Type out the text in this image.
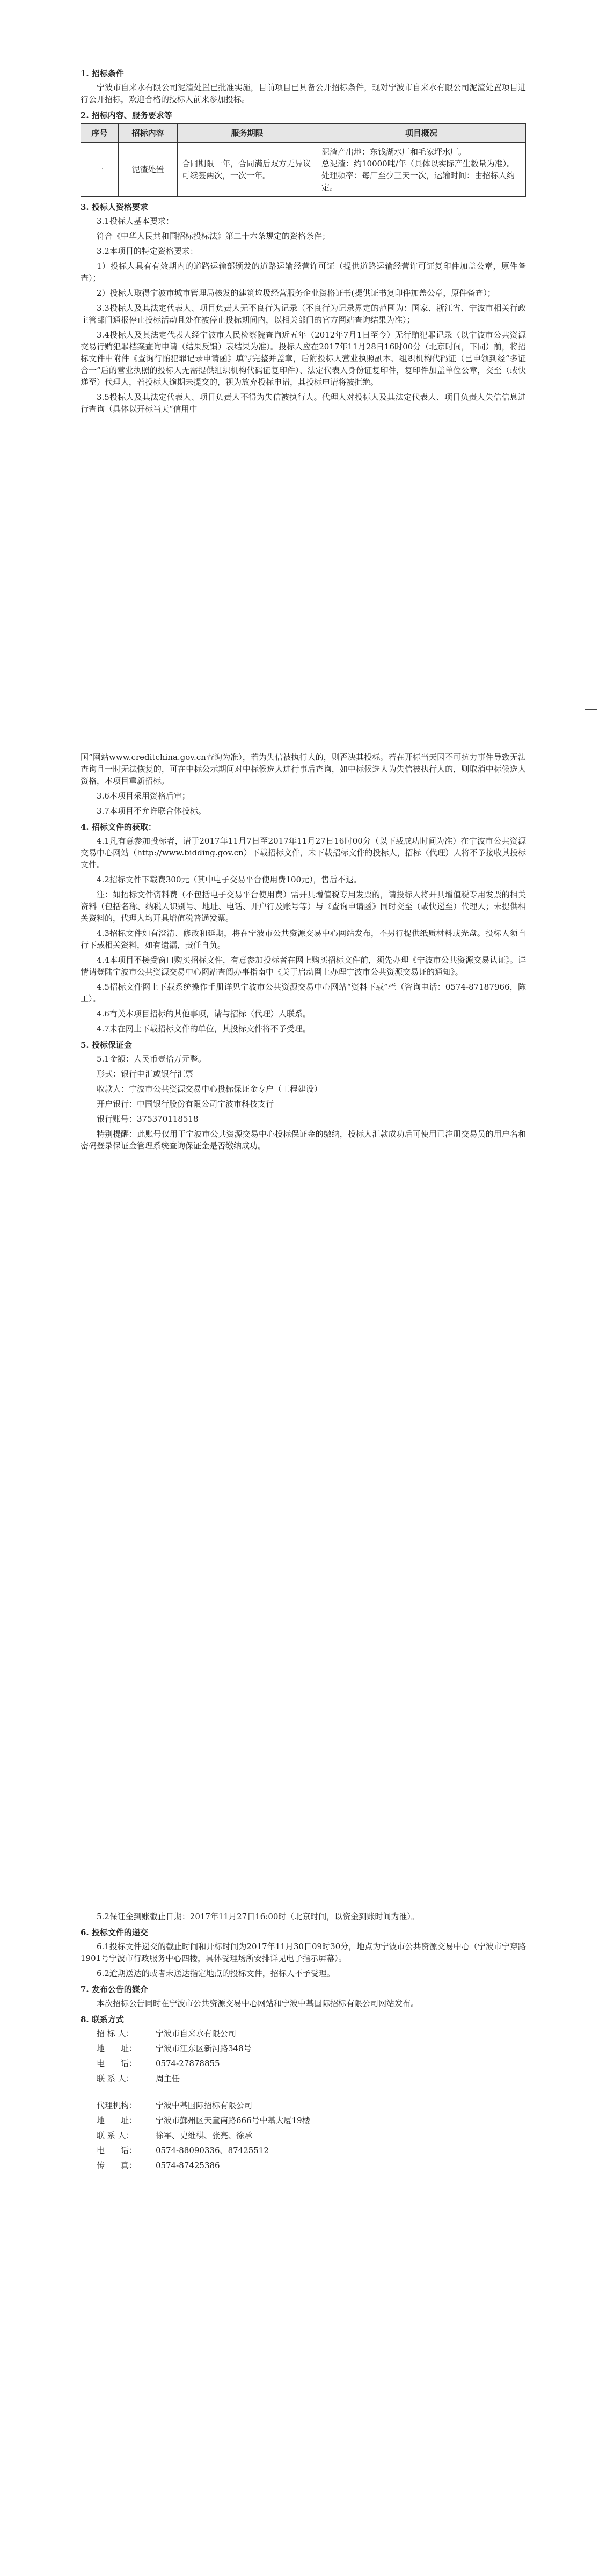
1. 招标条件

宁波市自来水有限公司泥渣处置已批准实施，目前项目已具备公开招标条件，现对宁波市自来水有限公司泥渣处置项目进行公开招标，欢迎合格的投标人前来参加投标。

2. 招标内容、服务要求等
序号	招标内容	服务期限	项目概况
一	泥渣处置	合同期限一年，合同满后双方无异议可续签两次，一次一年。	泥渣产出地：东钱湖水厂和毛家坪水厂。
总泥渣：约10000吨/年（具体以实际产生数量为准）。
处理频率：每厂至少三天一次，运输时间：由招标人约定。
3. 投标人资格要求

3.1投标人基本要求：

符合《中华人民共和国招标投标法》第二十六条规定的资格条件；

3.2本项目的特定资格要求：

1）投标人具有有效期内的道路运输部颁发的道路运输经营许可证（提供道路运输经营许可证复印件加盖公章，原件备查）；

2）投标人取得宁波市城市管理局核发的建筑垃圾经营服务企业资格证书(提供证书复印件加盖公章，原件备查）；

3.3投标人及其法定代表人、项目负责人无不良行为记录（不良行为记录界定的范围为：国家、浙江省、宁波市相关行政主管部门通报停止投标活动且处在被停止投标期间内，以相关部门的官方网站查询结果为准）；

3.4投标人及其法定代表人经宁波市人民检察院查询近五年（2012年7月1日至今）无行贿犯罪记录（以宁波市公共资源交易行贿犯罪档案查询申请（结果反馈）表结果为准）。投标人应在2017年11月28日16时00分（北京时间，下同）前，将招标文件中附件《查询行贿犯罪记录申请函》填写完整并盖章，后附投标人营业执照副本、组织机构代码证（已申领到经“多证合一”后的营业执照的投标人无需提供组织机构代码证复印件）、法定代表人身份证复印件，复印件加盖单位公章，交至（或快递至）代理人，若投标人逾期未提交的，视为放弃投标申请，其投标申请将被拒绝。

3.5投标人及其法定代表人、项目负责人不得为失信被执行人。代理人对投标人及其法定代表人、项目负责人失信信息进行查询（具体以开标当天“信用中

国”网站www.creditchina.gov.cn查询为准），若为失信被执行人的，则否决其投标。若在开标当天因不可抗力事件导致无法查询且一时无法恢复的，可在中标公示期间对中标候选人进行事后查询，如中标候选人为失信被执行人的，则取消中标候选人资格，本项目重新招标。

3.6本项目采用资格后审；

3.7本项目不允许联合体投标。

4. 招标文件的获取：

4.1凡有意参加投标者，请于2017年11月7日至2017年11月27日16时00分（以下载成功时间为准）在宁波市公共资源交易中心网站（http://www.bidding.gov.cn）下载招标文件，未下载招标文件的投标人，招标（代理）人将不予接收其投标文件。

4.2招标文件下载费300元（其中电子交易平台使用费100元），售后不退。

注：如招标文件资料费（不包括电子交易平台使用费）需开具增值税专用发票的，请投标人将开具增值税专用发票的相关资料（包括名称、纳税人识别号、地址、电话、开户行及账号等）与《查询申请函》同时交至（或快递至）代理人；未提供相关资料的，代理人均开具增值税普通发票。

4.3招标文件如有澄清、修改和延期，将在宁波市公共资源交易中心网站发布，不另行提供纸质材料或光盘。投标人须自行下载相关资料，如有遗漏，责任自负。

4.4本项目不接受窗口购买招标文件，有意参加投标者在网上购买招标文件前，须先办理《宁波市公共资源交易认证》。详情请登陆宁波市公共资源交易中心网站查阅办事指南中《关于启动网上办理宁波市公共资源交易证的通知》。

4.5招标文件网上下载系统操作手册详见宁波市公共资源交易中心网站“资料下载”栏（咨询电话：0574-87187966，陈工）。

4.6有关本项目招标的其他事项，请与招标（代理）人联系。

4.7未在网上下载招标文件的单位，其投标文件将不予受理。

5. 投标保证金

5.1金额：人民币壹拾万元整。

形式：银行电汇或银行汇票

收款人：宁波市公共资源交易中心投标保证金专户（工程建设）

开户银行：中国银行股份有限公司宁波市科技支行

银行账号：375370118518

特别提醒：此账号仅用于宁波市公共资源交易中心投标保证金的缴纳，投标人汇款成功后可使用已注册交易员的用户名和密码登录保证金管理系统查询保证金是否缴纳成功。

5.2保证金到账截止日期：2017年11月27日16:00时（北京时间，以资金到账时间为准）。

6. 投标文件的递交

6.1投标文件递交的截止时间和开标时间为2017年11月30日09时30分，地点为宁波市公共资源交易中心（宁波市宁穿路1901号宁波市行政服务中心四楼，具体受理场所安排详见电子指示屏幕）。

6.2逾期送达的或者未送达指定地点的投标文件，招标人不予受理。

7. 发布公告的媒介

本次招标公告同时在宁波市公共资源交易中心网站和宁波中基国际招标有限公司网站发布。

8. 联系方式
招 标 人：	宁波市自来水有限公司
地　　址：	宁波市江东区新河路348号
电　　话：	0574-27878855
联 系 人：	周主任
代理机构：	宁波中基国际招标有限公司
地　　址：	宁波市鄞州区天童南路666号中基大厦19楼
联 系 人：	徐军、史维棋、张亮、徐承
电　　话：	0574-88090336、87425512
传　　真：	0574-87425386
